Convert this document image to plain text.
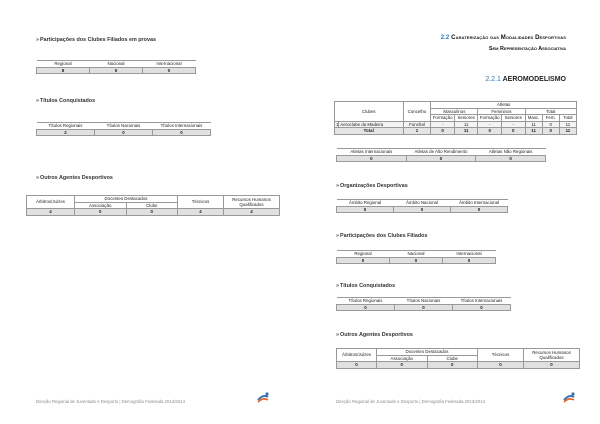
»Participações dos Clubes Filiados em provas
Regional	Nacional	Internacional
8	6	0
»Títulos Conquistados
Títulos Regionais	Títulos Nacionais	Títulos Internacionais
2	0	0
»Outros Agentes Desportivos
Árbitros/Juízes	Docentes Destacados		Técnicos	Recursos Humanos Qualificados
	Associação	Clube		
4	0	0	4	4
Direção Regional de Juventude e Desporto | Demografia Federada 2013/2014
2.2 Caraterização das Modalidades Desportivas
Sem Representação Associativa
2.2.1 AEROMODELISMO
Clubes		Concelho	Atletas						
			Masculinos		Femininos		Total		
			Formação	Seniores	Formação	Seniores	Masc.	Fem.	Total
1	Aeroclube da Madeira	Funchal	-	11	-	-	11	0	11
Total		1	0	11	0	0	11	0	11
Atletas Internacionais	Atletas de Alto Rendimento	Atletas Não Regionais
0	0	0
»Organizações Desportivas
Âmbito Regional	Âmbito Nacional	Âmbito Internacional
0	0	0
»Participações dos Clubes Filiados
Regional	Nacional	Internacional
0	0	0
»Títulos Conquistados
Títulos Regionais	Títulos Nacionais	Títulos Internacionais
0	0	0
»Outros Agentes Desportivos
Árbitros/Juízes	Docentes Destacados		Técnicos	Recursos Humanos Qualificados
	Associação	Clube		
0	0	0	0	0
Direção Regional de Juventude e Desporto | Demografia Federada 2013/2014
